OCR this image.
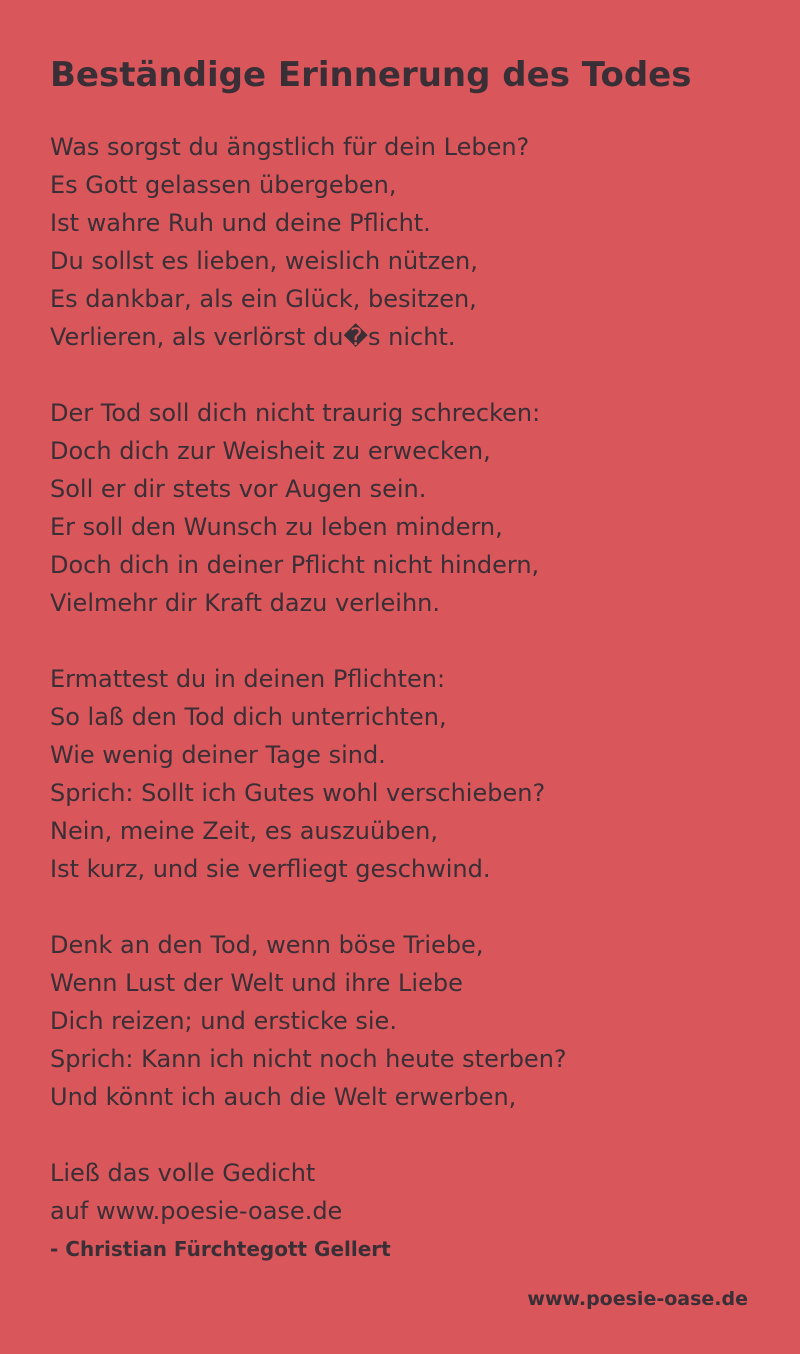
Beständige Erinnerung des Todes
Was sorgst du ängstlich für dein Leben?
Es Gott gelassen übergeben,
Ist wahre Ruh und deine Pflicht.
Du sollst es lieben, weislich nützen,
Es dankbar, als ein Glück, besitzen,
Verlieren, als verlörst du�s nicht.
Der Tod soll dich nicht traurig schrecken:
Doch dich zur Weisheit zu erwecken,
Soll er dir stets vor Augen sein.
Er soll den Wunsch zu leben mindern,
Doch dich in deiner Pflicht nicht hindern,
Vielmehr dir Kraft dazu verleihn.
Ermattest du in deinen Pflichten:
So laß den Tod dich unterrichten,
Wie wenig deiner Tage sind.
Sprich: Sollt ich Gutes wohl verschieben?
Nein, meine Zeit, es auszuüben,
Ist kurz, und sie verfliegt geschwind.
Denk an den Tod, wenn böse Triebe,
Wenn Lust der Welt und ihre Liebe
Dich reizen; und ersticke sie.
Sprich: Kann ich nicht noch heute sterben?
Und könnt ich auch die Welt erwerben,
Ließ das volle Gedicht
auf www.poesie-oase.de
- Christian Fürchtegott Gellert
www.poesie-oase.de
